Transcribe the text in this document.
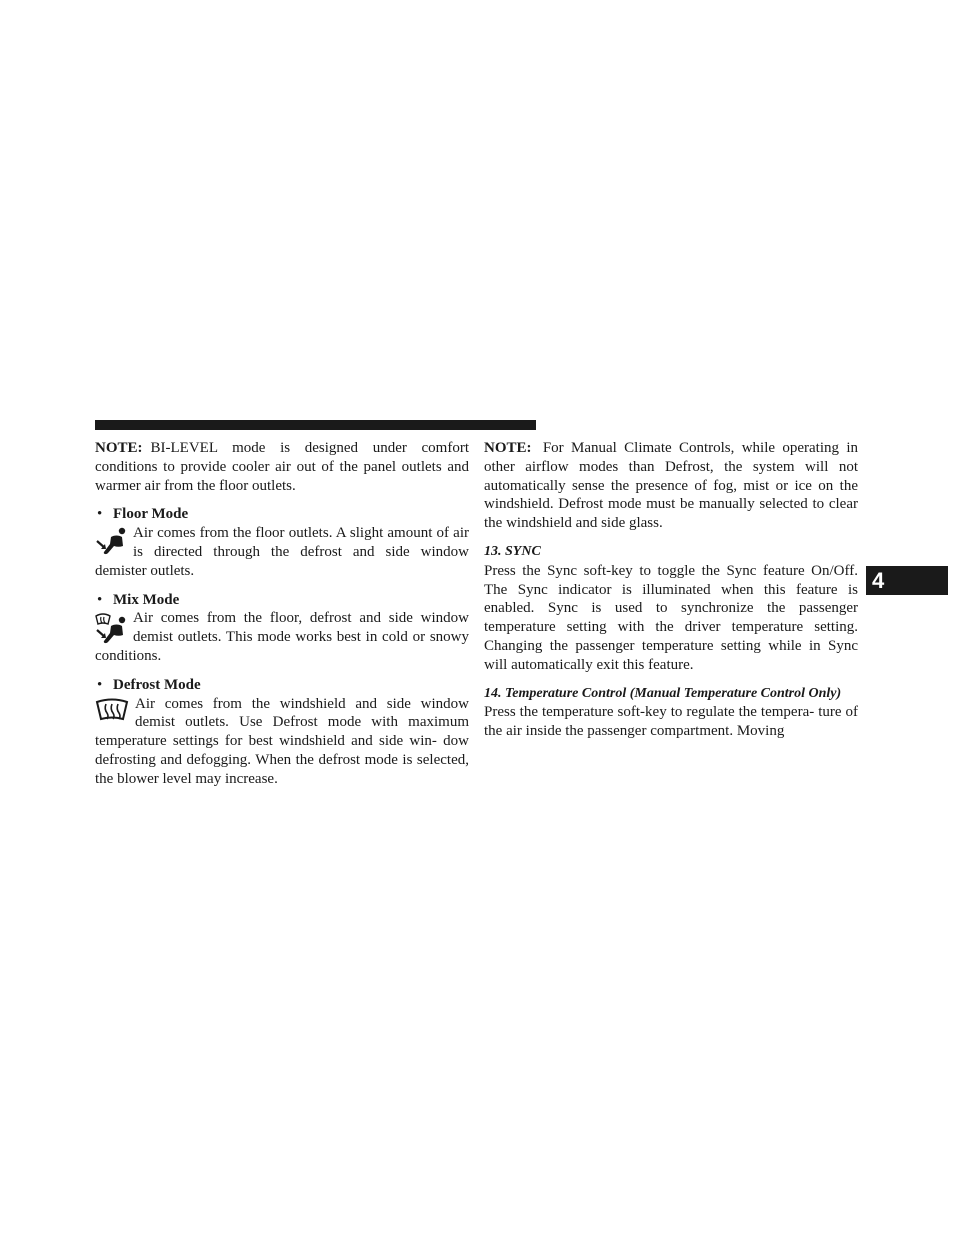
NOTE: BI-LEVEL mode is designed under comfort conditions to provide cooler air out of the panel outlets and warmer air from the floor outlets.

• Floor Mode

Air comes from the floor outlets. A slight amount of air is directed through the defrost and side window demister outlets.

• Mix Mode

Air comes from the floor, defrost and side window demist outlets. This mode works best in cold or snowy conditions.

• Defrost Mode

Air comes from the windshield and side window demist outlets. Use Defrost mode with maximum temperature settings for best windshield and side win- dow defrosting and defogging. When the defrost mode is selected, the blower level may increase.

NOTE: For Manual Climate Controls, while operating in other airflow modes than Defrost, the system will not automatically sense the presence of fog, mist or ice on the windshield. Defrost mode must be manually selected to clear the windshield and side glass.

13. SYNC

Press the Sync soft-key to toggle the Sync feature On/Off. The Sync indicator is illuminated when this feature is enabled. Sync is used to synchronize the passenger temperature setting with the driver temperature setting. Changing the passenger temperature setting while in Sync will automatically exit this feature.

14. Temperature Control (Manual Temperature Control Only)

Press the temperature soft-key to regulate the tempera- ture of the air inside the passenger compartment. Moving

4
